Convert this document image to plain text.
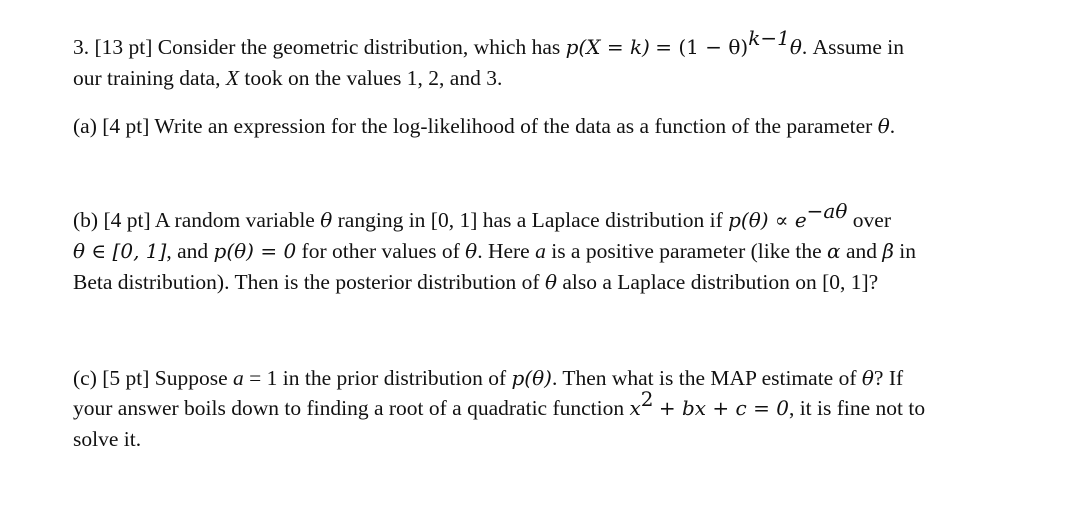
3. [13 pt] Consider the geometric distribution, which has $p(X = k) = (1 - \theta)^{k-1}\theta$. Assume in
our training data, X took on the values 1, 2, and 3.
(a) [4 pt] Write an expression for the log-likelihood of the data as a function of the parameter θ.
(b) [4 pt] A random variable θ ranging in [0, 1] has a Laplace distribution if $p(\theta) \propto e^{-a\theta}$ over
θ ∈ [0, 1], and p(θ) = 0 for other values of θ. Here a is a positive parameter (like the α and β in
Beta distribution). Then is the posterior distribution of θ also a Laplace distribution on [0, 1]?
(c) [5 pt] Suppose a = 1 in the prior distribution of p(θ). Then what is the MAP estimate of θ? If
your answer boils down to finding a root of a quadratic function $x^2$ + bx + c = 0, it is fine not to
solve it.
